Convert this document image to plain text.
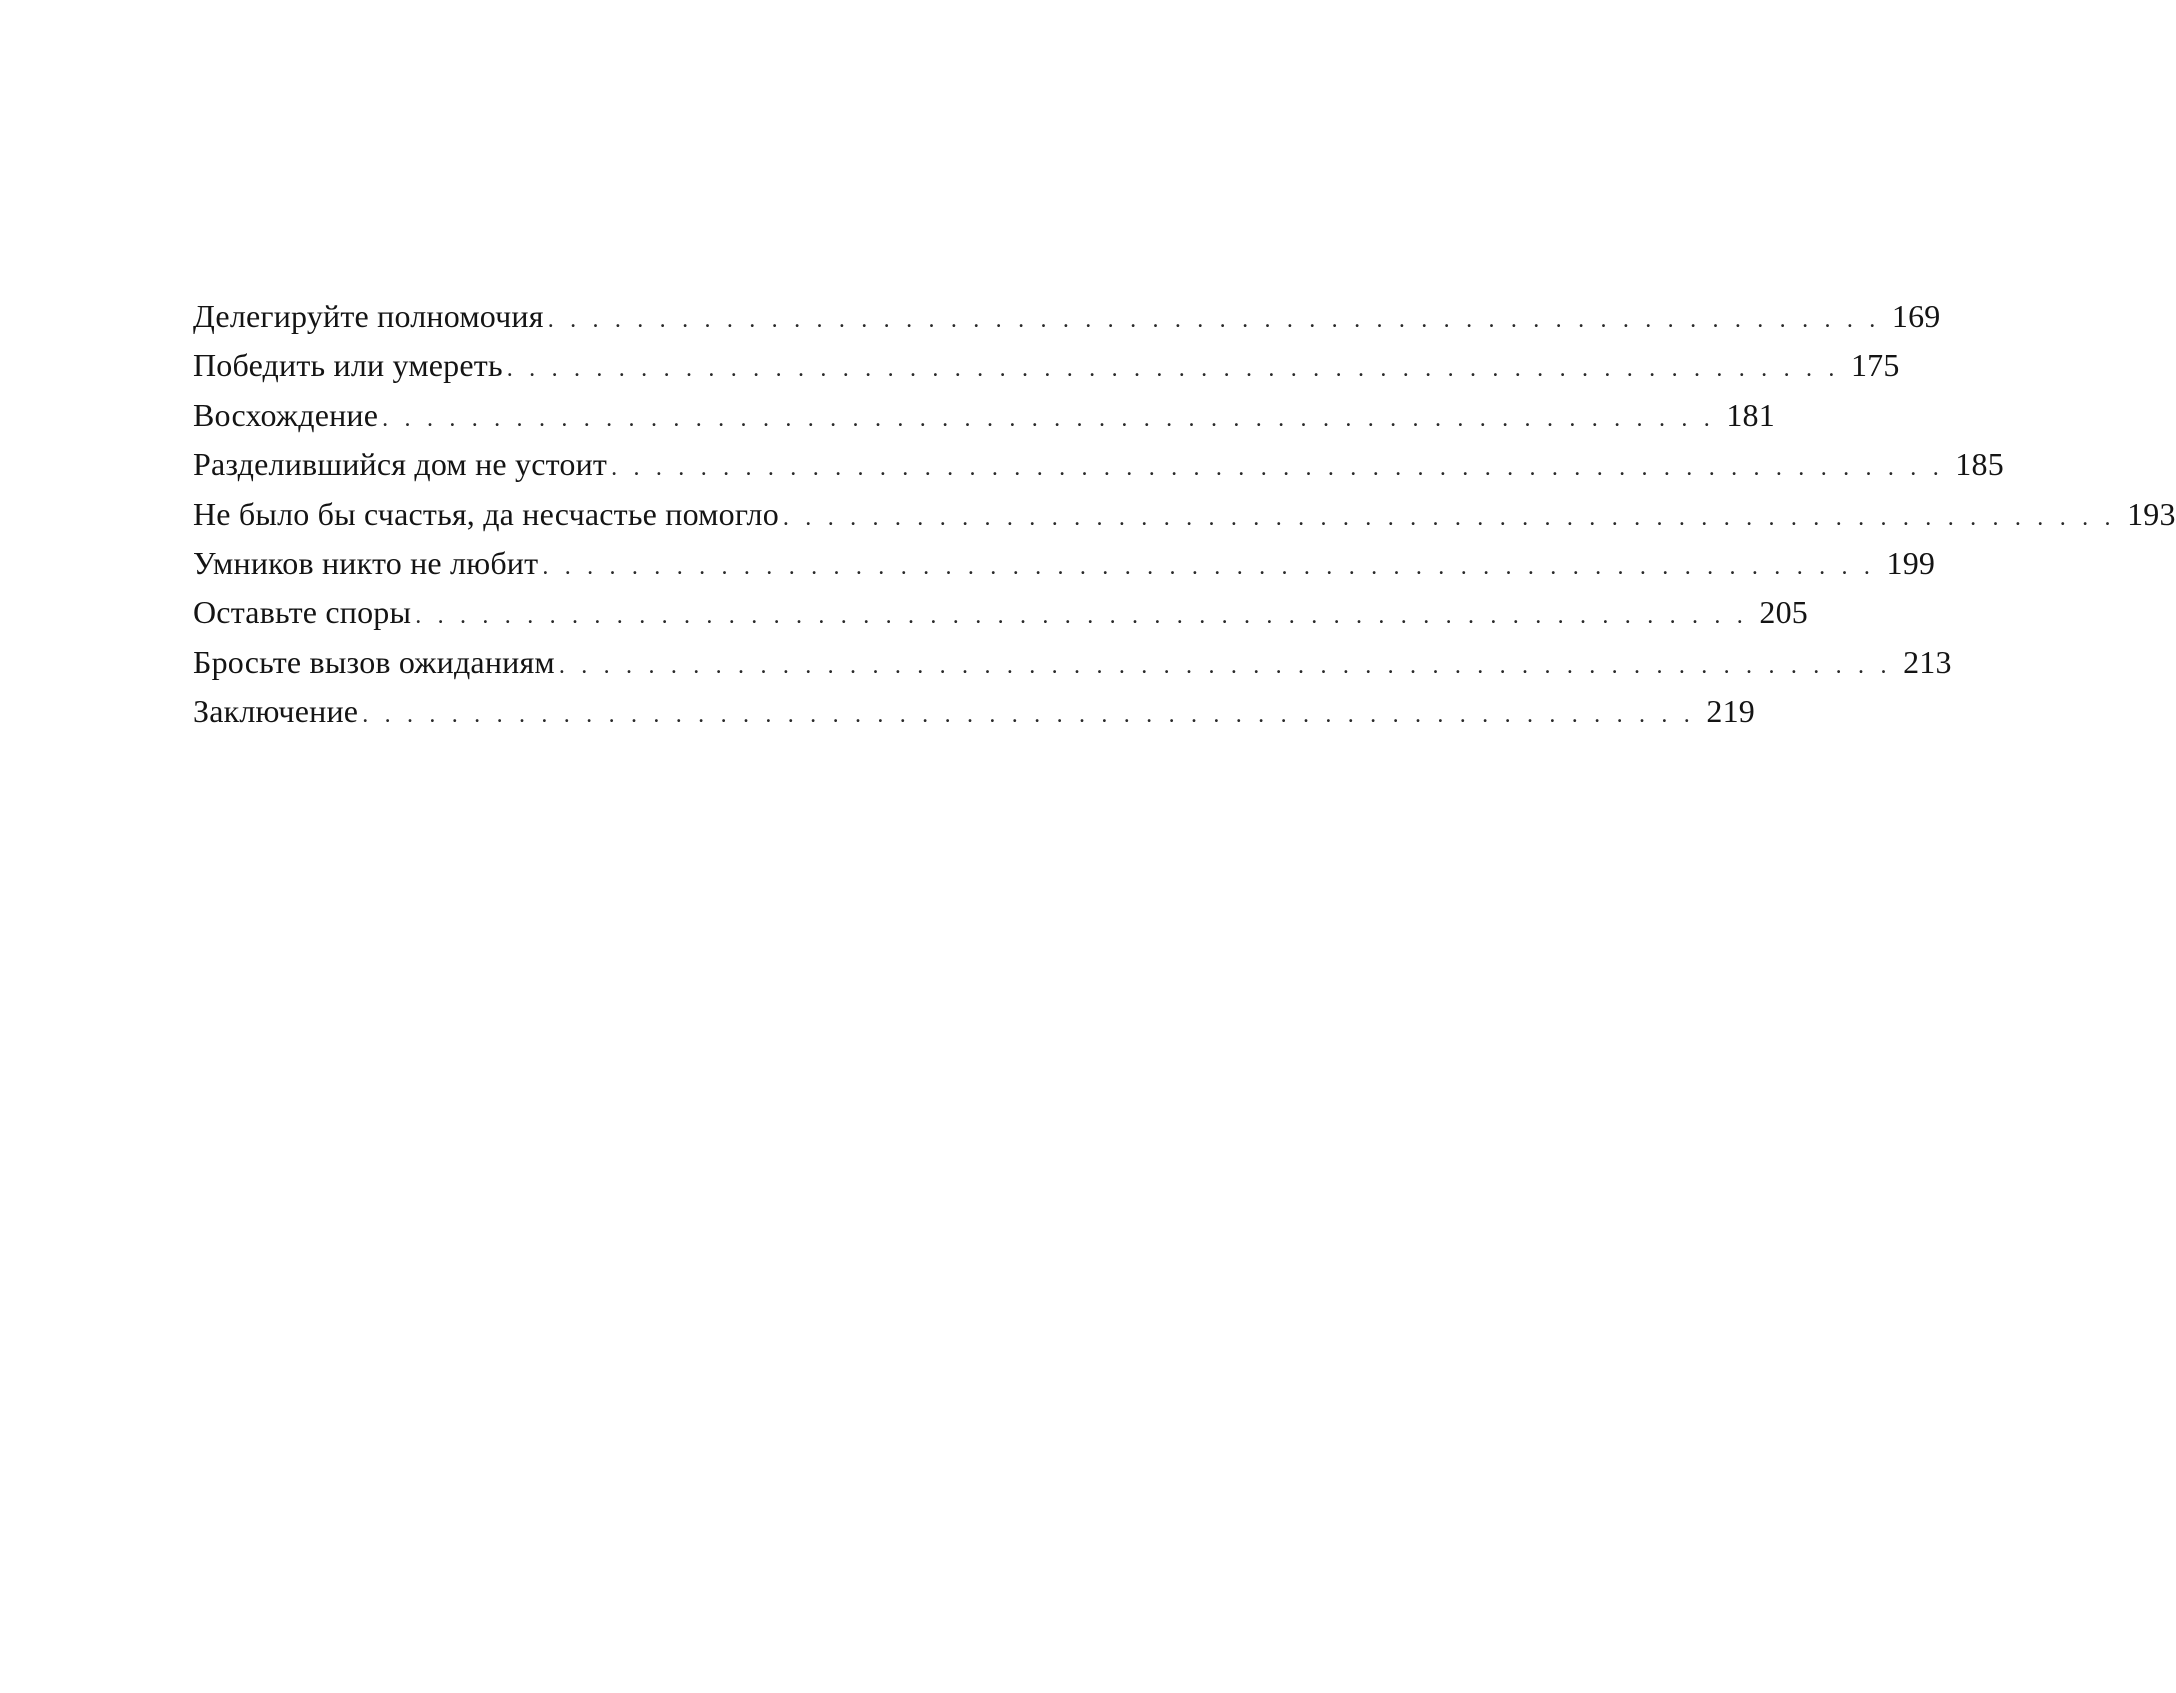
Делегируйте полномочия . . . . . . . . . . . . . . . . . . . . . . . . . . . . . . . . . . . . . . . . . . . . . . . . . . . . . . . . . . . . 169
Победить или умереть . . . . . . . . . . . . . . . . . . . . . . . . . . . . . . . . . . . . . . . . . . . . . . . . . . . . . . . . . . . . 175
Восхождение . . . . . . . . . . . . . . . . . . . . . . . . . . . . . . . . . . . . . . . . . . . . . . . . . . . . . . . . . . . . 181
Разделившийся дом не устоит . . . . . . . . . . . . . . . . . . . . . . . . . . . . . . . . . . . . . . . . . . . . . . . . . . . . . . . . . . . . 185
Не было бы счастья, да несчастье помогло . . . . . . . . . . . . . . . . . . . . . . . . . . . . . . . . . . . . . . . . . . . . . . . . . . . . . . . . . . . . 193
Умников никто не любит . . . . . . . . . . . . . . . . . . . . . . . . . . . . . . . . . . . . . . . . . . . . . . . . . . . . . . . . . . . . 199
Оставьте споры . . . . . . . . . . . . . . . . . . . . . . . . . . . . . . . . . . . . . . . . . . . . . . . . . . . . . . . . . . . . 205
Бросьте вызов ожиданиям . . . . . . . . . . . . . . . . . . . . . . . . . . . . . . . . . . . . . . . . . . . . . . . . . . . . . . . . . . . . 213
Заключение . . . . . . . . . . . . . . . . . . . . . . . . . . . . . . . . . . . . . . . . . . . . . . . . . . . . . . . . . . . . 219
